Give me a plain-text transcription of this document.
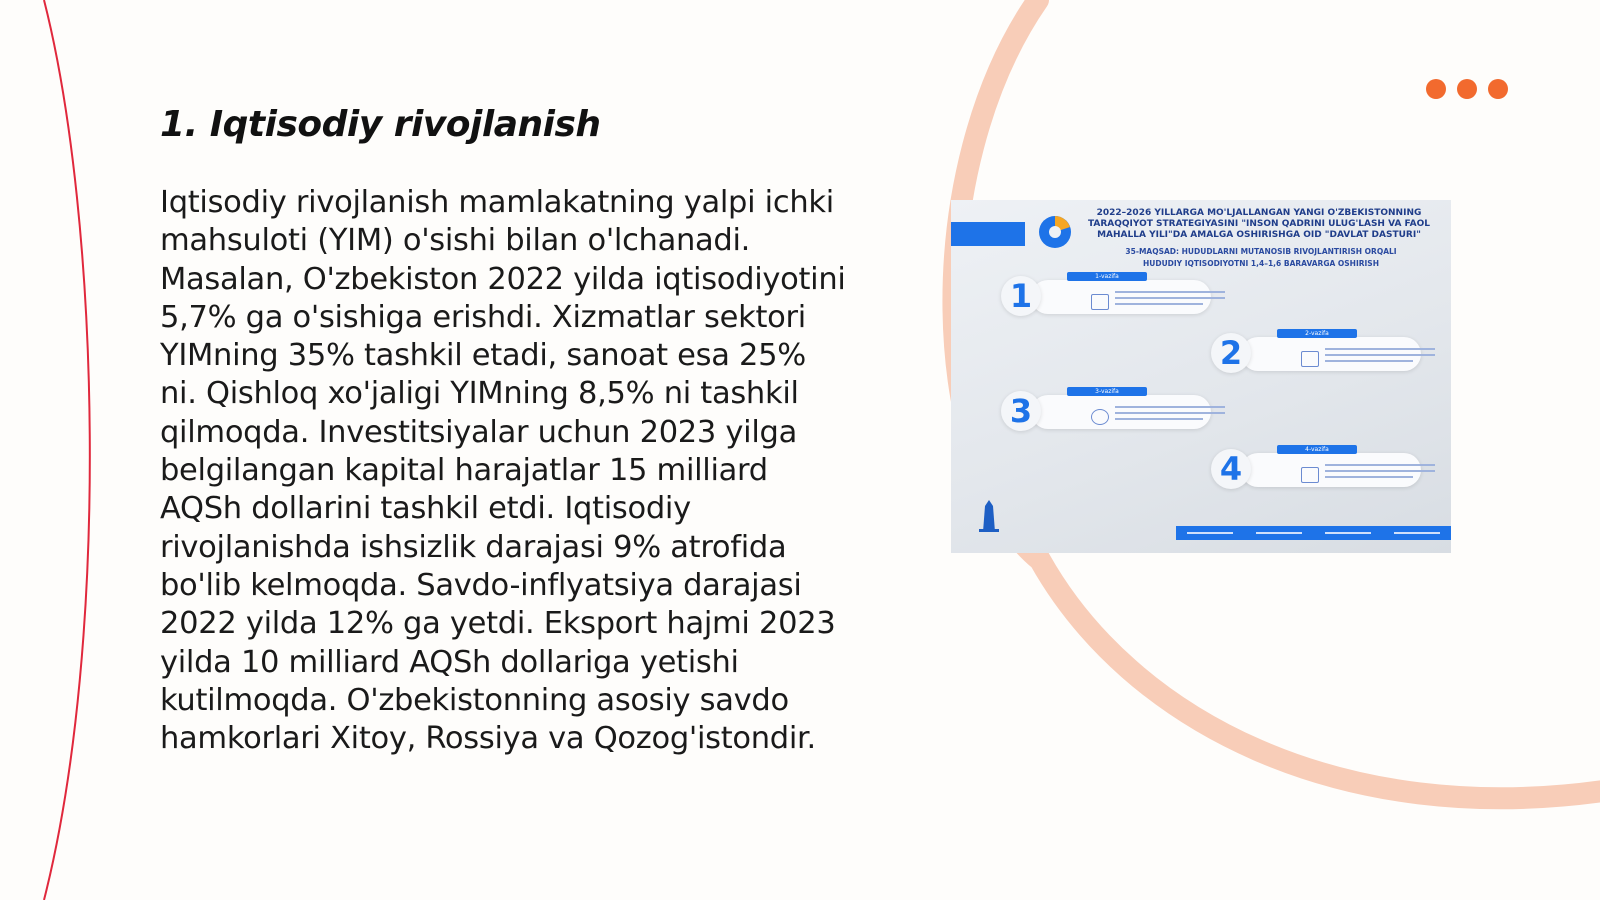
1. Iqtisodiy rivojlanish

Iqtisodiy rivojlanish mamlakatning yalpi ichki mahsuloti (YIM) o'sishi bilan o'lchanadi. Masalan, O'zbekiston 2022 yilda iqtisodiyotini 5,7% ga o'sishiga erishdi. Xizmatlar sektori YIMning 35% tashkil etadi, sanoat esa 25% ni. Qishloq xo'jaligi YIMning 8,5% ni tashkil qilmoqda. Investitsiyalar uchun 2023 yilga belgilangan kapital harajatlar 15 milliard AQSh dollarini tashkil etdi. Iqtisodiy rivojlanishda ishsizlik darajasi 9% atrofida bo'lib kelmoqda. Savdo-inflyatsiya darajasi 2022 yilda 12% ga yetdi. Eksport hajmi 2023 yilda 10 milliard AQSh dollariga yetishi kutilmoqda. O'zbekistonning asosiy savdo hamkorlari Xitoy, Rossiya va Qozog'istondir.

2022–2026 YILLARGA MO'LJALLANGAN YANGI O'ZBEKISTONNING TARAQQIYOT STRATEGIYASINI "INSON QADRINI ULUG'LASH VA FAOL MAHALLA YILI"DA AMALGA OSHIRISHGA OID "DAVLAT DASTURI"
35-MAQSAD: HUDUDLARNI MUTANOSIB RIVOJLANTIRISH ORQALI HUDUDIY IQTISODIYOTNI 1,4–1,6 BARAVARGA OSHIRISH
1-vazifa
1
2-vazifa
2
3-vazifa
3
4-vazifa
4
